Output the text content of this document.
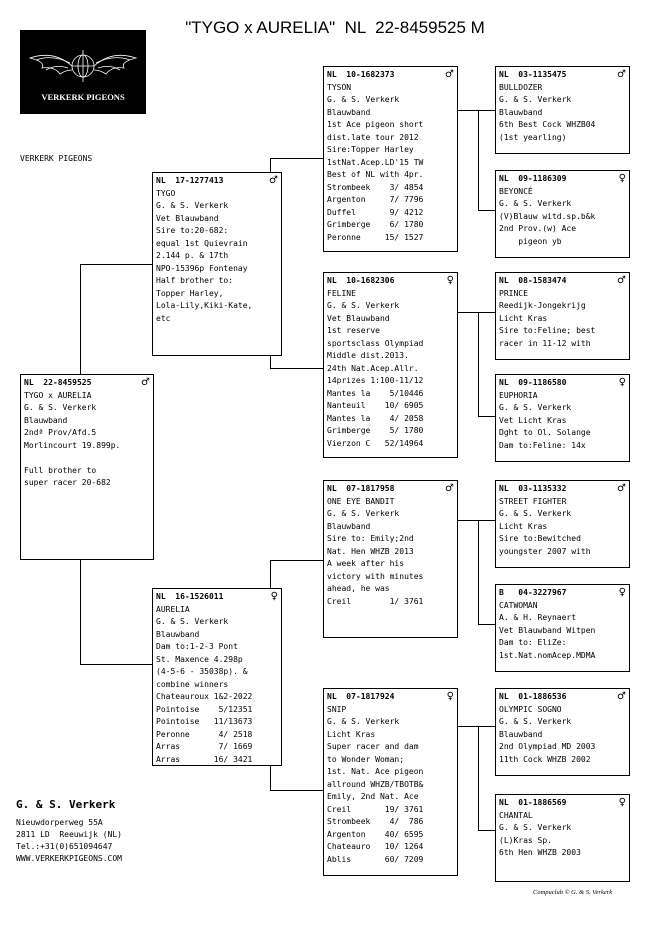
"TYGO x AURELIA"  NL  22-8459525 M
VERKERK PIGEONS
VERKERK PIGEONS
NL  22-8459525	♂
TYGO x AURELIA
G. & S. Verkerk
Blauwband
2ndª Prov/Afd.5
Morlincourt 19.899p.

Full brother to
super racer 20-682
NL  17-1277413	♂
TYGO
G. & S. Verkerk
Vet Blauwband
Sire to:20-682:
equal 1st Quievrain
2.144 p. & 17th
NPO-15396p Fontenay
Half brother to:
Topper Harley,
Lola-Lily,Kiki-Kate,
etc
NL  16-1526011	♀
AURELIA
G. & S. Verkerk
Blauwband
Dam to:1-2-3 Pont
St. Maxence 4.298p
(4-5-6 - 35038p). &
combine winners
Chateauroux 1&2-2022
Pointoise    5/12351
Pointoise   11/13673
Peronne      4/ 2518
Arras        7/ 1669
Arras       16/ 3421
NL  10-1682373	♂
TYSON
G. & S. Verkerk
Blauwband
1st Ace pigeon short
dist.late tour 2012
Sire:Topper Harley
1stNat.Acep.LD'15 TW
Best of NL with 4pr.
Strombeek    3/ 4854
Argenton     7/ 7796
Duffel       9/ 4212
Grimberge    6/ 1780
Peronne     15/ 1527
NL  10-1682306	♀
FELINE
G. & S. Verkerk
Vet Blauwband
1st reserve
sportsclass Olympiad
Middle dist.2013.
24th Nat.Acep.Allr.
14prizes 1:100-11/12
Mantes la    5/10446
Nanteuil    10/ 6905
Mantes la    4/ 2058
Grimberge    5/ 1780
Vierzon C   52/14964
NL  07-1817958	♂
ONE EYE BANDIT
G. & S. Verkerk
Blauwband
Sire to: Emily;2nd
Nat. Hen WHZB 2013
A week after his
victory with minutes
ahead, he was
Creil        1/ 3761
NL  07-1817924	♀
SNIP
G. & S. Verkerk
Licht Kras
Super racer and dam
to Wonder Woman;
1st. Nat. Ace pigeon
allround WHZB/TBOTB&
Emily, 2nd Nat. Ace
Creil       19/ 3761
Strombeek    4/  786
Argenton    40/ 6595
Chateauro   10/ 1264
Ablis       60/ 7209
NL  03-1135475	♂
BULLDOZER
G. & S. Verkerk
Blauwband
6th Best Cock WHZB04
(1st yearling)
NL  09-1186309	♀
BEYONCÉ
G. & S. Verkerk
(V)Blauw witd.sp.b&k
2nd Prov.(w) Ace
pigeon yb
NL  08-1583474	♂
PRINCE
Reedijk-Jongekrijg
Licht Kras
Sire to:Feline; best
racer in 11-12 with
NL  09-1186580	♀
EUPHORIA
G. & S. Verkerk
Vet Licht Kras
Dght to Ol. Solange
Dam to:Feline: 14x
NL  03-1135332	♂
STREET FIGHTER
G. & S. Verkerk
Licht Kras
Sire to:Bewitched
youngster 2007 with
B   04-3227967	♀
CATWOMAN
A. & H. Reynaert
Vet Blauwband Witpen
Dam to: EliZe:
1st.Nat.nomAcep.MDMA
NL  01-1886536	♂
OLYMPIC SOGNO
G. & S. Verkerk
Blauwband
2nd Olympiad MD 2003
11th Cock WHZB 2002
NL  01-1886569	♀
CHANTAL
G. & S. Verkerk
(L)Kras Sp.
6th Hen WHZB 2003
G. & S. Verkerk
Nieuwdorperweg 55A
2811 LD  Reeuwijk (NL)
Tel.:+31(0)651094647
WWW.VERKERKPIGEONS.COM
Compuclub © G. & S. Verkerk
